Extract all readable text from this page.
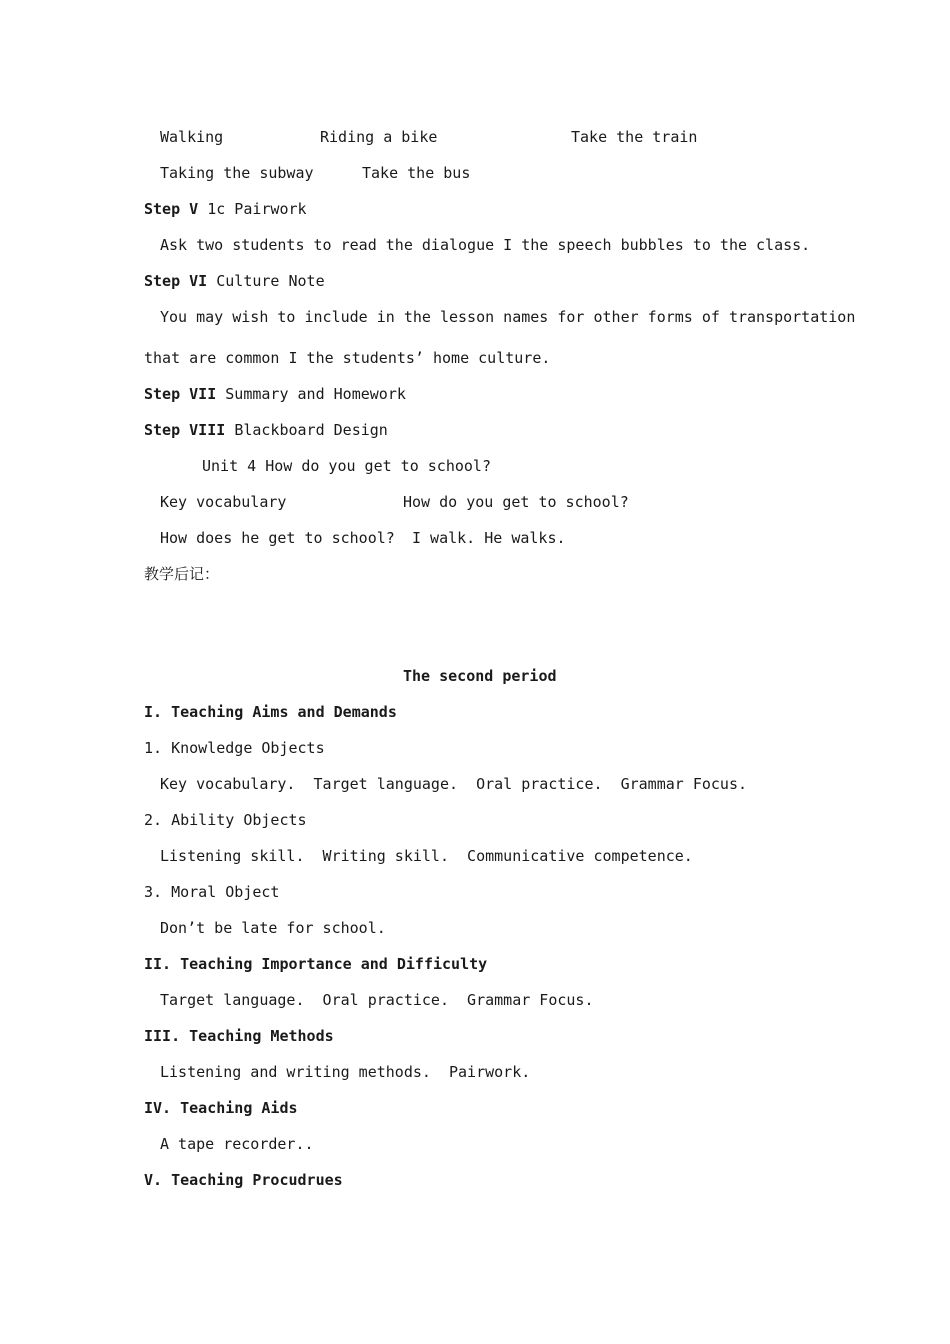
Walking	Riding a bike	Take the train
Taking the subway	Take the bus
Step V 1c Pairwork
Ask two students to read the dialogue I the speech bubbles to the class.
Step VI Culture Note
You may wish to include in the lesson names for other forms of transportation
that are common I the students’ home culture.
Step VII Summary and Homework
Step VIII Blackboard Design
Unit 4 How do you get to school?
Key vocabulary	How do you get to school?
How does he get to school? I walk. He walks.
教学后记：
The second period
I. Teaching Aims and Demands
1. Knowledge Objects
Key vocabulary.  Target language.  Oral practice.  Grammar Focus.
2. Ability Objects
Listening skill.  Writing skill.  Communicative competence.
3. Moral Object
Don’t be late for school.
II. Teaching Importance and Difficulty
Target language.  Oral practice.  Grammar Focus.
III. Teaching Methods
Listening and writing methods.  Pairwork.
IV. Teaching Aids
A tape recorder..
V. Teaching Procudrues
